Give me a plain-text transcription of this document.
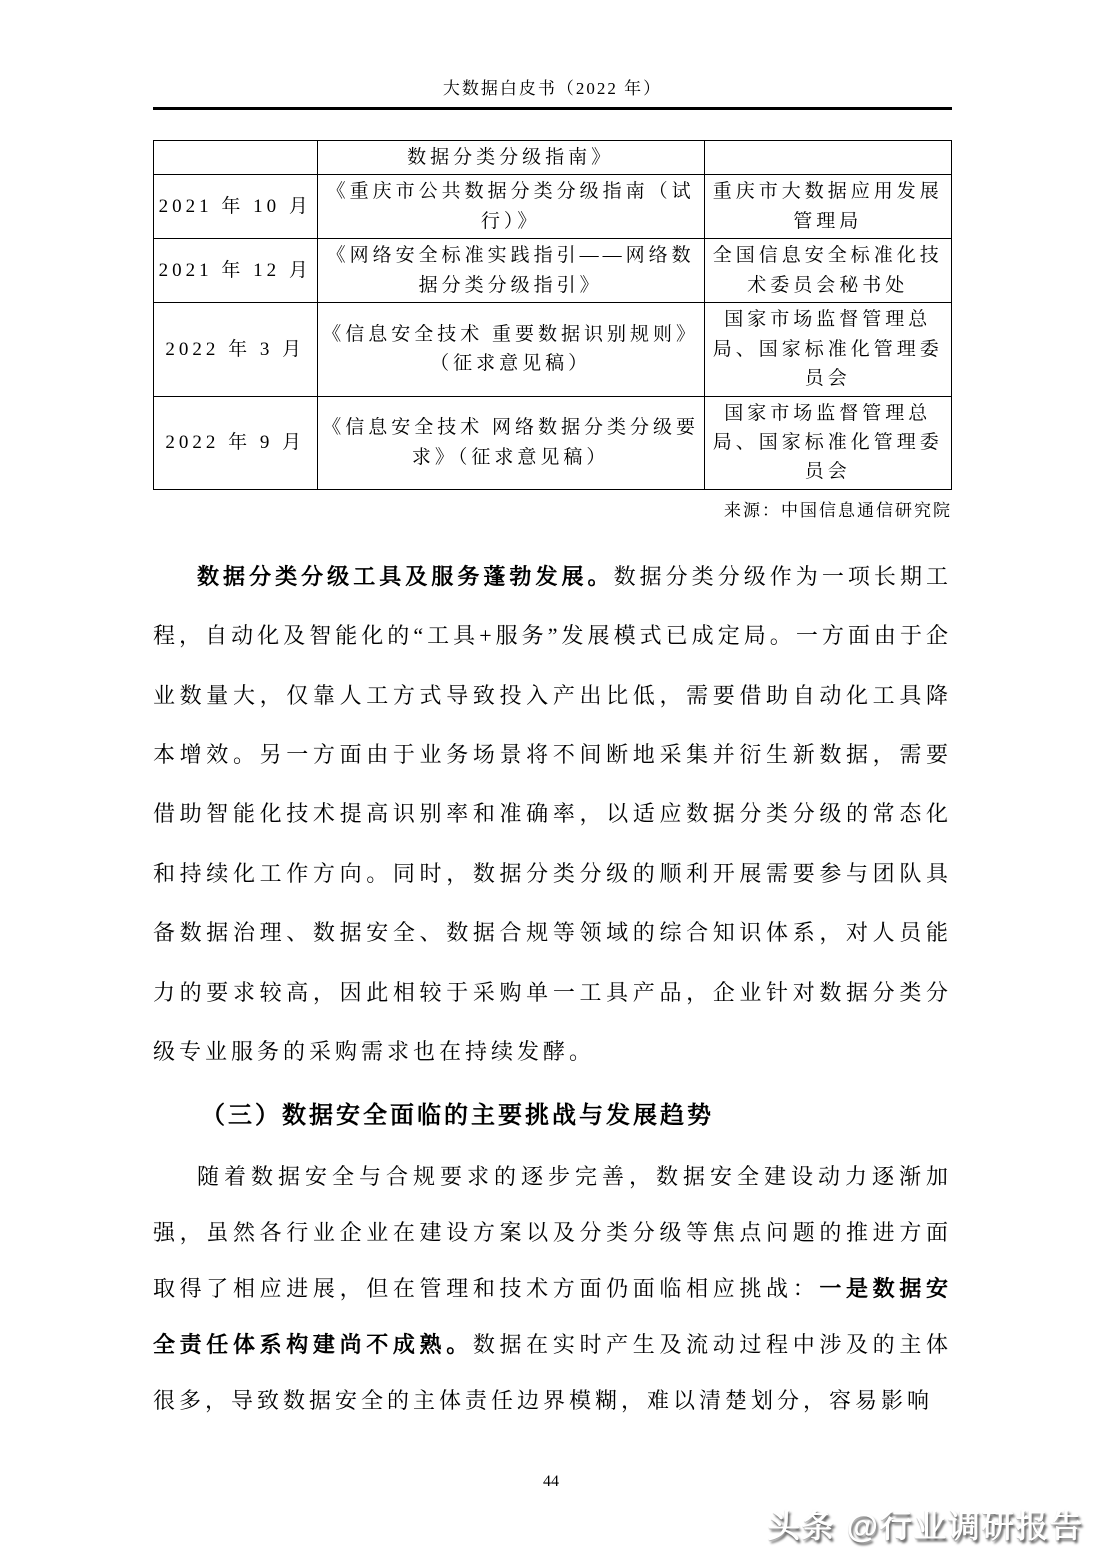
大数据白皮书（2022 年）
	数据分类分级指南》	
2021 年 10 月	《重庆市公共数据分类分级指南（试行）》	重庆市大数据应用发展管理局
2021 年 12 月	《网络安全标准实践指引——网络数据分类分级指引》	全国信息安全标准化技术委员会秘书处
2022 年 3 月	《信息安全技术 重要数据识别规则》（征求意见稿）	国家市场监督管理总局、国家标准化管理委员会
2022 年 9 月	《信息安全技术 网络数据分类分级要求》（征求意见稿）	国家市场监督管理总局、国家标准化管理委员会
来源：中国信息通信研究院

数据分类分级工具及服务蓬勃发展。数据分类分级作为一项长期工程，自动化及智能化的“工具+服务”发展模式已成定局。一方面由于企业数量大，仅靠人工方式导致投入产出比低，需要借助自动化工具降本增效。另一方面由于业务场景将不间断地采集并衍生新数据，需要借助智能化技术提高识别率和准确率，以适应数据分类分级的常态化和持续化工作方向。同时，数据分类分级的顺利开展需要参与团队具备数据治理、数据安全、数据合规等领域的综合知识体系，对人员能力的要求较高，因此相较于采购单一工具产品，企业针对数据分类分级专业服务的采购需求也在持续发酵。

（三）数据安全面临的主要挑战与发展趋势

随着数据安全与合规要求的逐步完善，数据安全建设动力逐渐加强，虽然各行业企业在建设方案以及分类分级等焦点问题的推进方面取得了相应进展，但在管理和技术方面仍面临相应挑战：一是数据安全责任体系构建尚不成熟。数据在实时产生及流动过程中涉及的主体很多，导致数据安全的主体责任边界模糊，难以清楚划分，容易影响

44
头条 @行业调研报告
